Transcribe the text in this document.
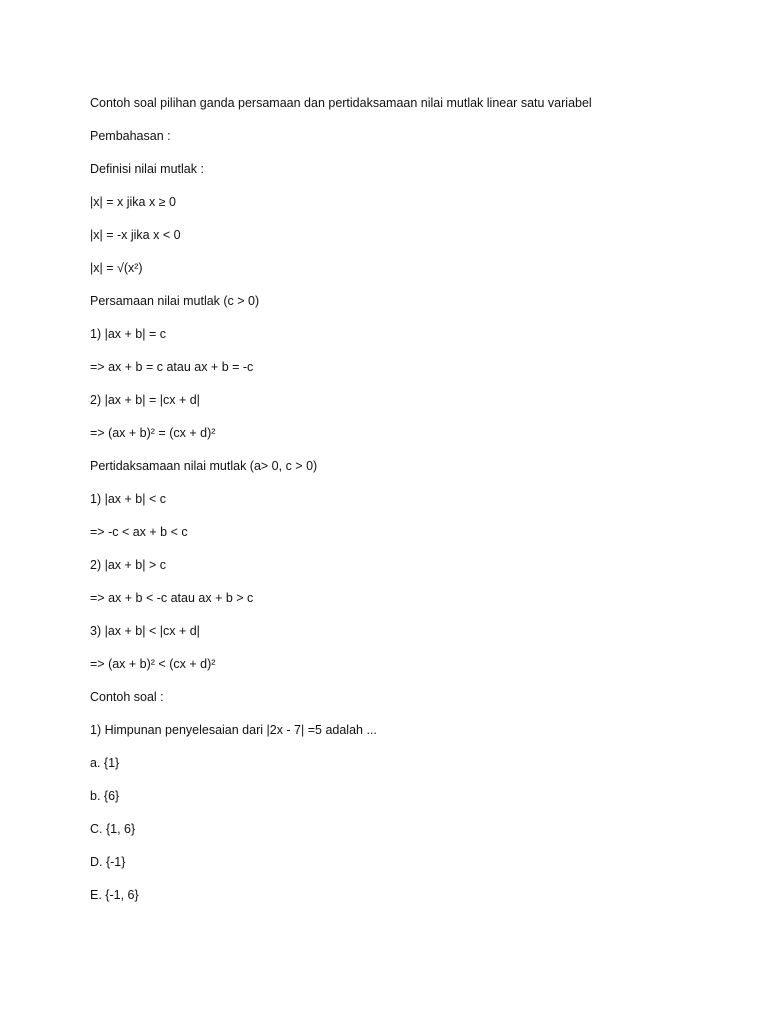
Contoh soal pilihan ganda persamaan dan pertidaksamaan nilai mutlak linear satu variabel
Pembahasan :
Definisi nilai mutlak :
|x| = x jika x ≥ 0
|x| = -x jika x < 0
|x| = √(x²)
Persamaan nilai mutlak (c > 0)
1) |ax + b| = c
=> ax + b = c atau ax + b = -c
2) |ax + b| = |cx + d|
=> (ax + b)² = (cx + d)²
Pertidaksamaan nilai mutlak (a> 0, c > 0)
1) |ax + b| < c
=> -c < ax + b < c
2) |ax + b| > c
=> ax + b < -c atau ax + b > c
3) |ax + b| < |cx + d|
=> (ax + b)² < (cx + d)²
Contoh soal :
1) Himpunan penyelesaian dari |2x - 7| =5 adalah ...
a. {1}
b. {6}
C. {1, 6}
D. {-1}
E. {-1, 6}
